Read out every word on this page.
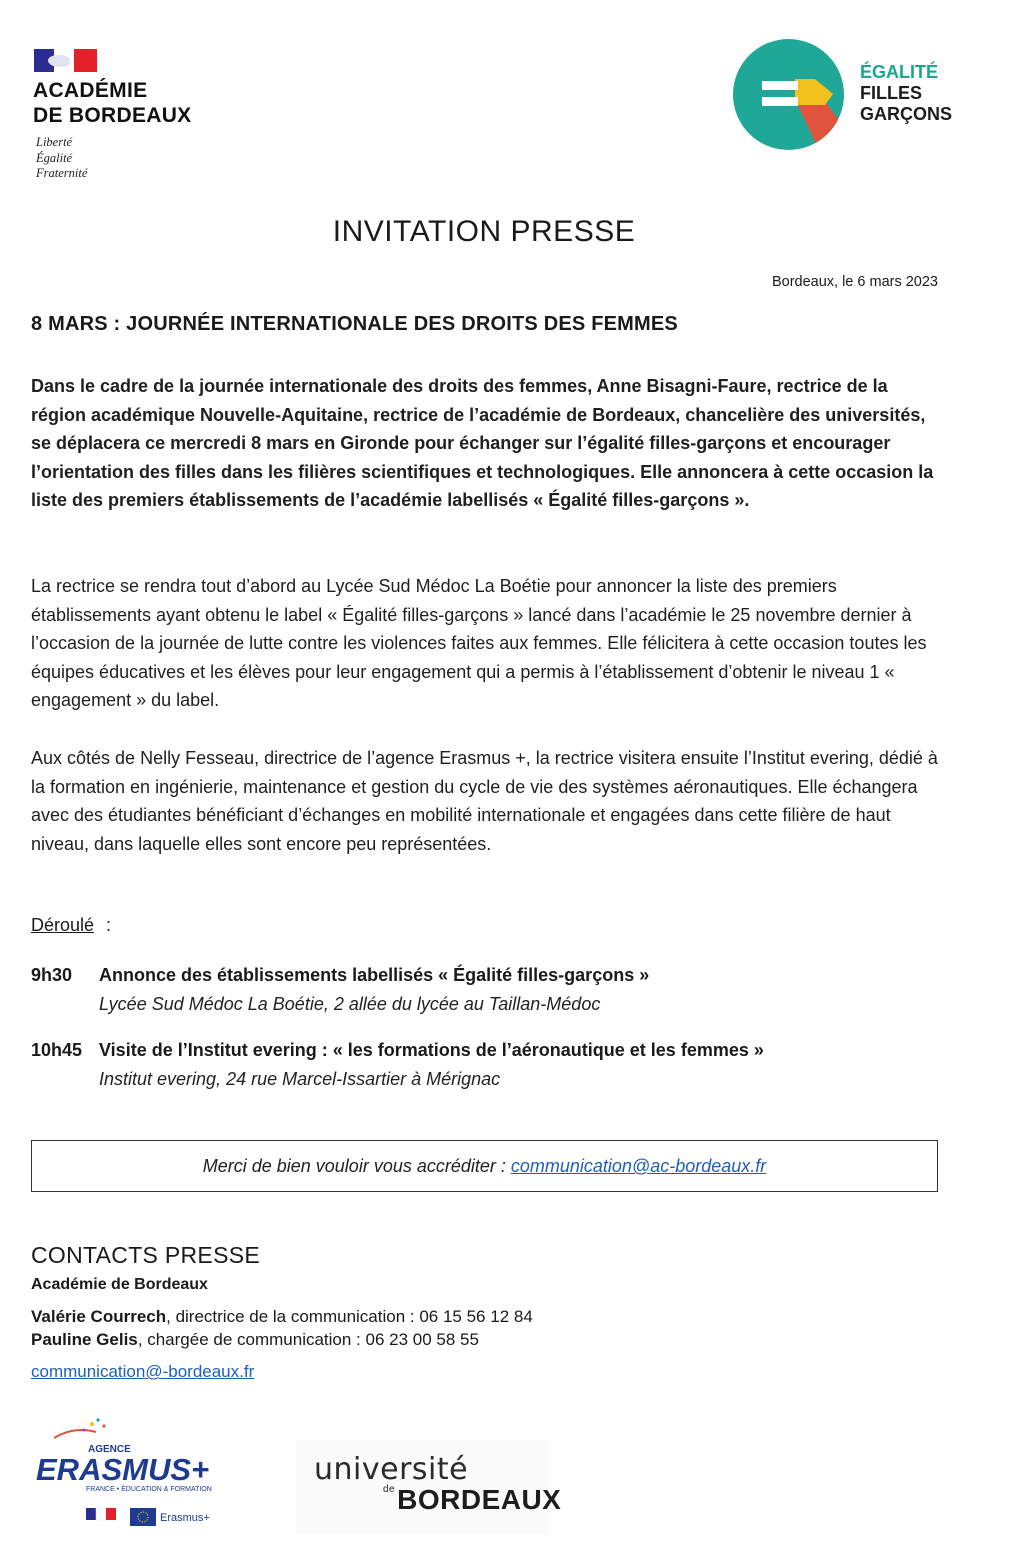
ACADÉMIE
DE BORDEAUX
Liberté
Égalité
Fraternité
ÉGALITÉ
FILLES
GARÇONS
INVITATION PRESSE
Bordeaux, le 6 mars 2023
8 MARS : JOURNÉE INTERNATIONALE DES DROITS DES FEMMES
Dans le cadre de la journée internationale des droits des femmes, Anne Bisagni-Faure, rectrice de la région académique Nouvelle-Aquitaine, rectrice de l’académie de Bordeaux, chancelière des universités, se déplacera ce mercredi 8 mars en Gironde pour échanger sur l’égalité filles-garçons et encourager l’orientation des filles dans les filières scientifiques et technologiques. Elle annoncera à cette occasion la liste des premiers établissements de l’académie labellisés « Égalité filles-garçons ».
La rectrice se rendra tout d’abord au Lycée Sud Médoc La Boétie pour annoncer la liste des premiers établissements ayant obtenu le label « Égalité filles-garçons » lancé dans l’académie le 25 novembre dernier à l’occasion de la journée de lutte contre les violences faites aux femmes. Elle félicitera à cette occasion toutes les équipes éducatives et les élèves pour leur engagement qui a permis à l’établissement d’obtenir le niveau 1 « engagement » du label.
Aux côtés de Nelly Fesseau, directrice de l’agence Erasmus +, la rectrice visitera ensuite l’Institut evering, dédié à la formation en ingénierie, maintenance et gestion du cycle de vie des systèmes aéronautiques. Elle échangera avec des étudiantes bénéficiant d’échanges en mobilité internationale et engagées dans cette filière de haut niveau, dans laquelle elles sont encore peu représentées.
Déroulé :
9h30 Annonce des établissements labellisés « Égalité filles-garçons »
Lycée Sud Médoc La Boétie, 2 allée du lycée au Taillan-Médoc
10h45 Visite de l’Institut evering : « les formations de l’aéronautique et les femmes »
Institut evering, 24 rue Marcel-Issartier à Mérignac
Merci de bien vouloir vous accréditer : communication@ac-bordeaux.fr
CONTACTS PRESSE
Académie de Bordeaux
Valérie Courrech, directrice de la communication : 06 15 56 12 84
Pauline Gelis, chargée de communication : 06 23 00 58 55
communication@-bordeaux.fr
AGENCE
ERASMUS+
FRANCE • ÉDUCATION & FORMATION
Erasmus+
université
$^{de}$BORDEAUX
